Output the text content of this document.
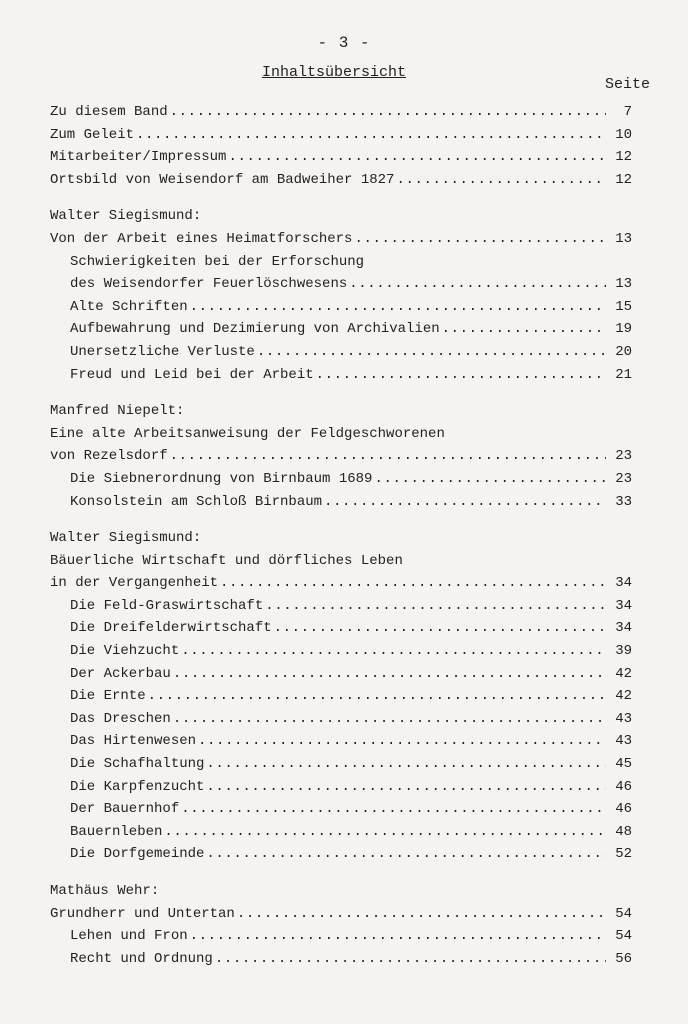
- 3 -
Inhaltsübersicht
Seite
Zu diesem Band .....	7
Zum Geleit .....	10
Mitarbeiter/Impressum .....	12
Ortsbild von Weisendorf am Badweiher 1827 .....	12
Walter Siegismund:
Von der Arbeit eines Heimatforschers .....	13
Schwierigkeiten bei der Erforschung
des Weisendorfer Feuerlöschwesens .....	13
Alte Schriften .....	15
Aufbewahrung und Dezimierung von Archivalien .....	19
Unersetzliche Verluste .....	20
Freud und Leid bei der Arbeit .....	21
Manfred Niepelt:
Eine alte Arbeitsanweisung der Feldgeschworenen
von Rezelsdorf .....	23
Die Siebnerordnung von Birnbaum 1689 .....	23
Konsolstein am Schloß Birnbaum .....	33
Walter Siegismund:
Bäuerliche Wirtschaft und dörfliches Leben
in der Vergangenheit .....	34
Die Feld-Graswirtschaft .....	34
Die Dreifelderwirtschaft .....	34
Die Viehzucht .....	39
Der Ackerbau .....	42
Die Ernte .....	42
Das Dreschen .....	43
Das Hirtenwesen .....	43
Die Schafhaltung .....	45
Die Karpfenzucht .....	46
Der Bauernhof .....	46
Bauernleben .....	48
Die Dorfgemeinde .....	52
Mathäus Wehr:
Grundherr und Untertan .....	54
Lehen und Fron .....	54
Recht und Ordnung .....	56
